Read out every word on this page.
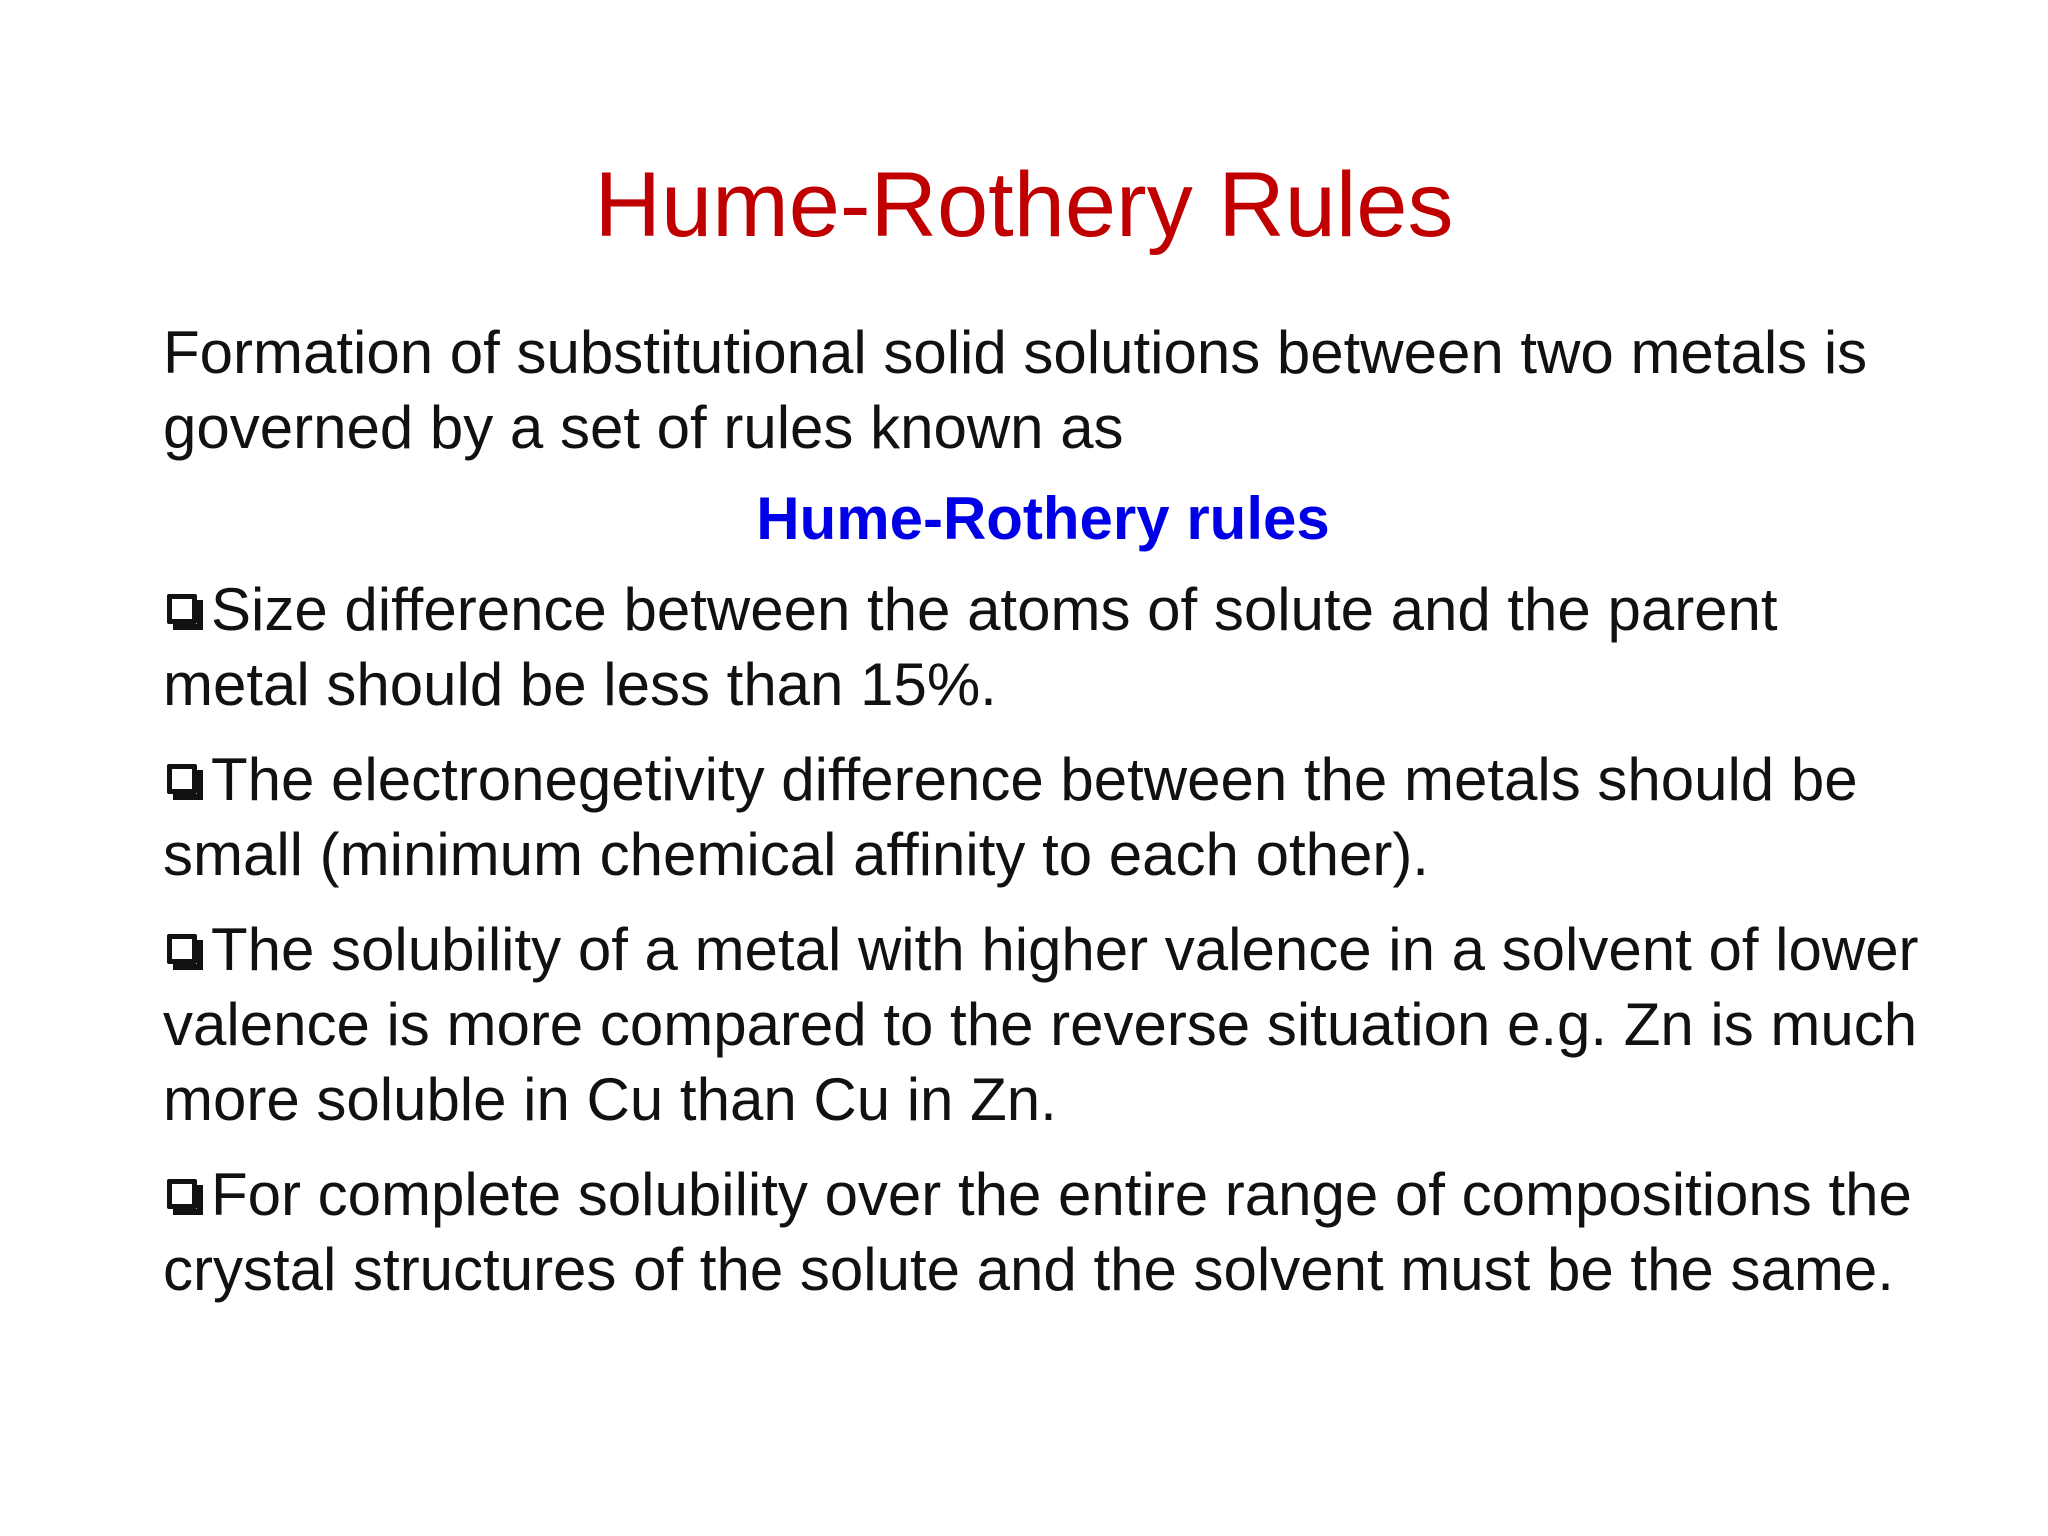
Hume-Rothery Rules

Formation of substitutional solid solutions between two metals is governed by a set of rules known as

Hume-Rothery rules

Size difference between the atoms of solute and the parent metal should be less than 15%.

The electronegetivity difference between the metals should be small (minimum chemical affinity to each other).

The solubility of a metal with higher valence in a solvent of lower valence is more compared to the reverse situation e.g. Zn is much more soluble in Cu than Cu in Zn.

For complete solubility over the entire range of compositions the crystal structures of the solute and the solvent must be the same.
